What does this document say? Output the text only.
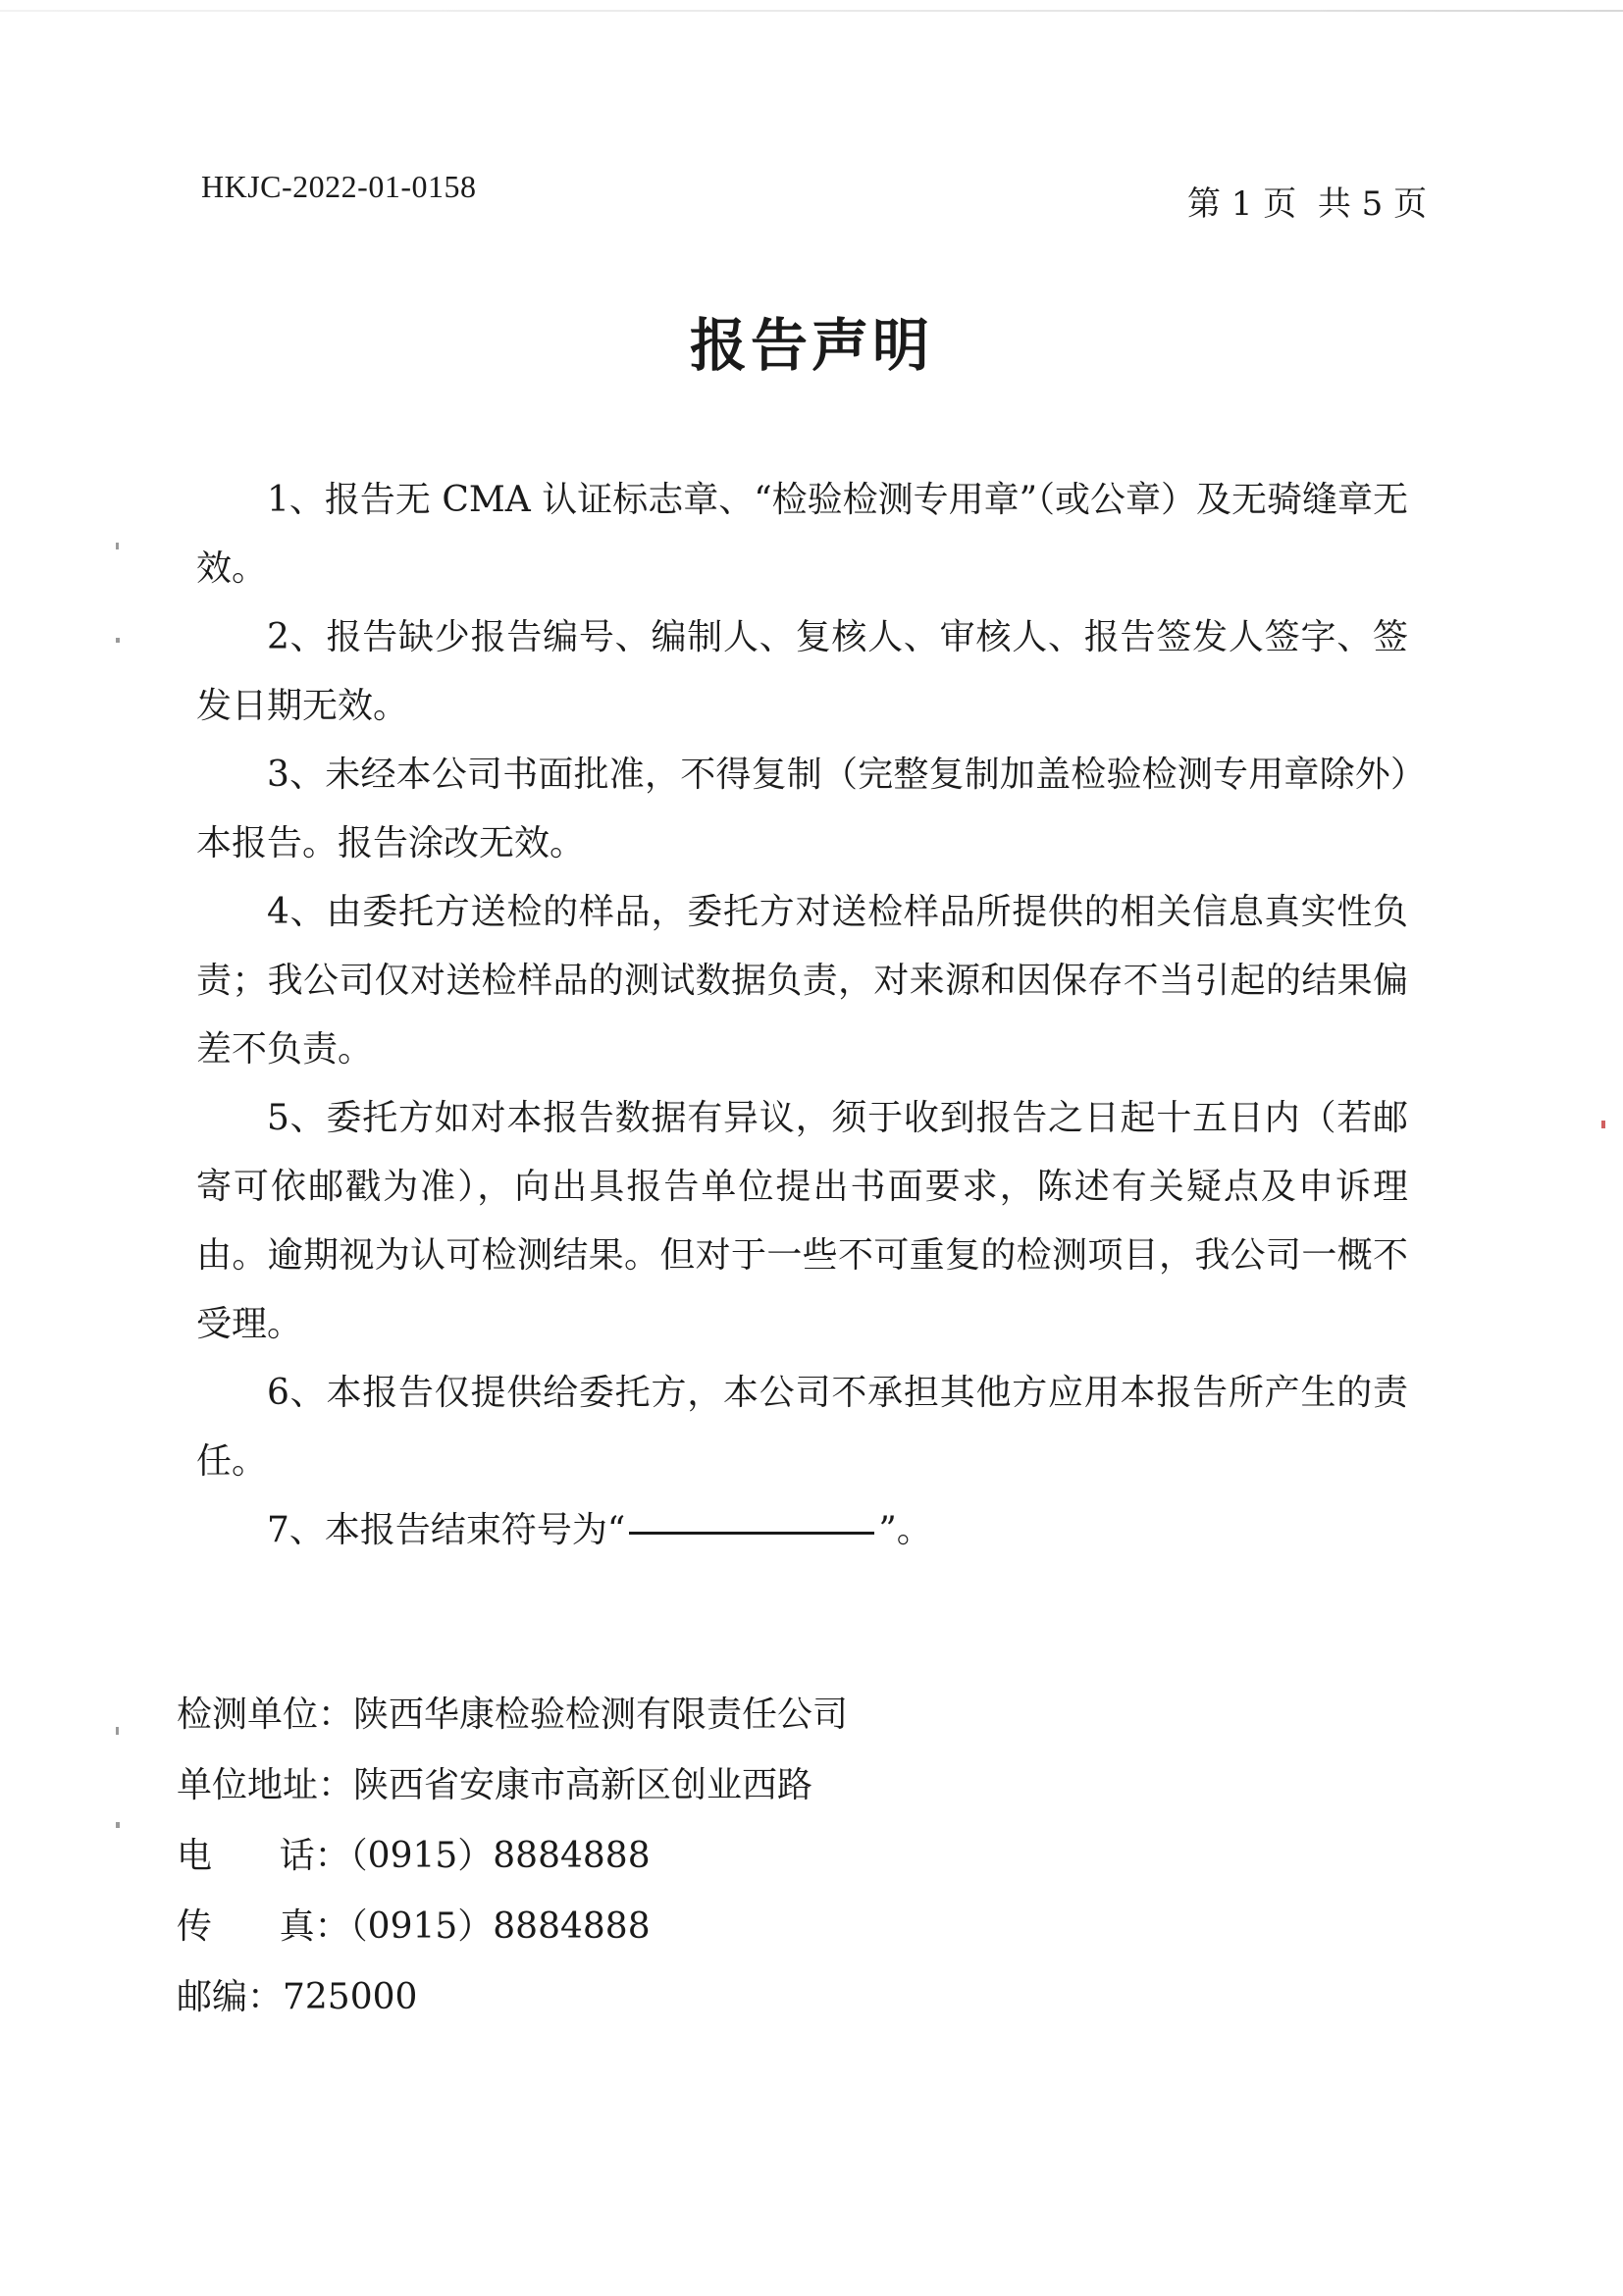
HKJC-2022-01-0158	第 1 页  共 5 页
报告声明

1、报告无 CMA 认证标志章、“检验检测专用章”（或公章）及无骑缝章无效。

2、报告缺少报告编号、编制人、复核人、审核人、报告签发人签字、签发日期无效。

3、未经本公司书面批准，不得复制（完整复制加盖检验检测专用章除外）本报告。报告涂改无效。

4、由委托方送检的样品，委托方对送检样品所提供的相关信息真实性负责；我公司仅对送检样品的测试数据负责，对来源和因保存不当引起的结果偏差不负责。

5、委托方如对本报告数据有异议，须于收到报告之日起十五日内（若邮寄可依邮戳为准），向出具报告单位提出书面要求，陈述有关疑点及申诉理由。逾期视为认可检测结果。但对于一些不可重复的检测项目，我公司一概不受理。

6、本报告仅提供给委托方，本公司不承担其他方应用本报告所产生的责任。

7、本报告结束符号为“	”。

检测单位：陕西华康检验检测有限责任公司
单位地址：陕西省安康市高新区创业西路
电      话：（0915）8884888
传      真：（0915）8884888
邮编：725000
